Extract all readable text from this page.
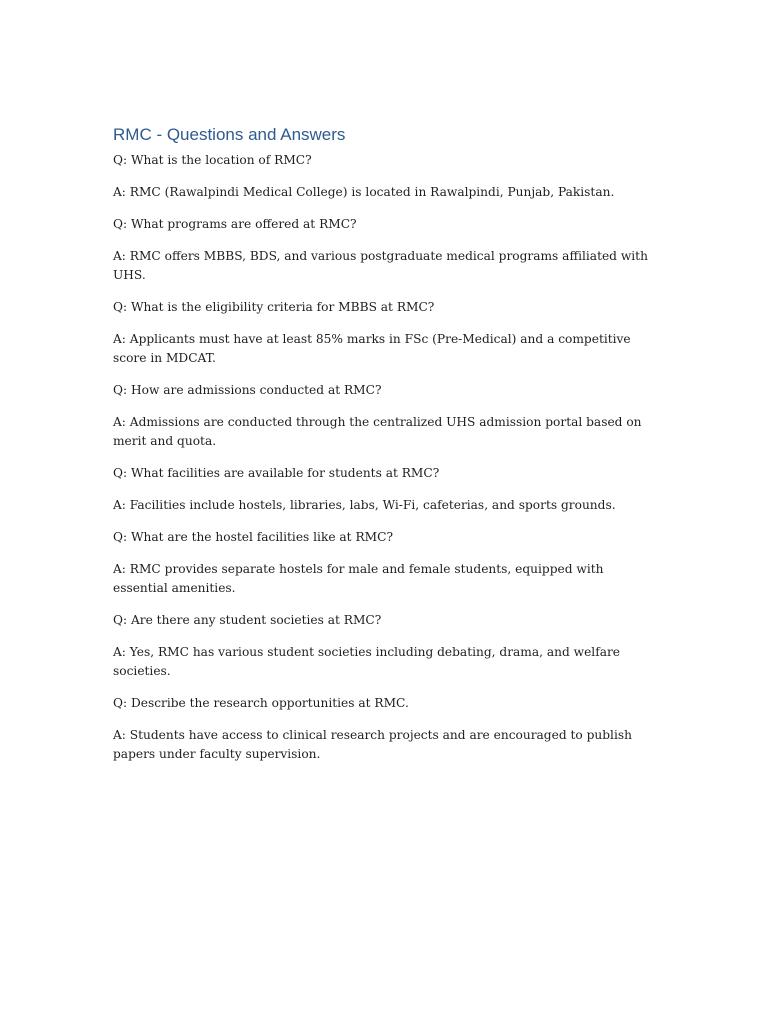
RMC - Questions and Answers

Q: What is the location of RMC?

A: RMC (Rawalpindi Medical College) is located in Rawalpindi, Punjab, Pakistan.

Q: What programs are offered at RMC?

A: RMC offers MBBS, BDS, and various postgraduate medical programs affiliated with UHS.

Q: What is the eligibility criteria for MBBS at RMC?

A: Applicants must have at least 85% marks in FSc (Pre-Medical) and a competitive score in MDCAT.

Q: How are admissions conducted at RMC?

A: Admissions are conducted through the centralized UHS admission portal based on merit and quota.

Q: What facilities are available for students at RMC?

A: Facilities include hostels, libraries, labs, Wi-Fi, cafeterias, and sports grounds.

Q: What are the hostel facilities like at RMC?

A: RMC provides separate hostels for male and female students, equipped with essential amenities.

Q: Are there any student societies at RMC?

A: Yes, RMC has various student societies including debating, drama, and welfare societies.

Q: Describe the research opportunities at RMC.

A: Students have access to clinical research projects and are encouraged to publish papers under faculty supervision.
